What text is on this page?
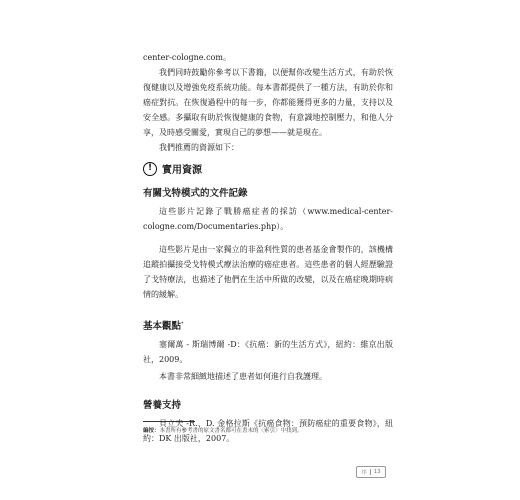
center-cologne.com。

我們同時鼓勵你參考以下書籍，以便幫你改變生活方式，有助於恢復健康以及增強免疫系統功能。每本書都提供了一種方法，有助於你和癌症對抗。在恢復過程中的每一步，你都能獲得更多的力量，支持以及安全感。多攝取有助於恢復健康的食物，有意識地控制壓力，和他人分享，及時感受關愛，實現自己的夢想——就是現在。

我們推薦的資源如下：

! 實用資源
有關戈特模式的文件記錄

這些影片記錄了戰勝癌症者的採訪（www.medical-center-cologne.com/Documentaries.php）。

這些影片是由一家獨立的非盈利性質的患者基金會製作的，該機構追蹤拍攝接受戈特模式療法治療的癌症患者。這些患者的個人經歷驗證了戈特療法，也描述了他們在生活中所做的改變，以及在癌症晚期時病情的緩解。

基本觀點*

塞爾萬 - 斯瑞博爾 -D：《抗癌：新的生活方式》，紐約：維京出版社，2009。

本書非常細緻地描述了患者如何進行自我護理。

營養支持

貝立夫 -R.、D. 金格拉斯《抗癌食物：預防癌症的重要食物》，紐約：DK 出版社，2007。

編按：本書所有參考書的原文書名都可在書末的〈索引〉中找到。
序 13
